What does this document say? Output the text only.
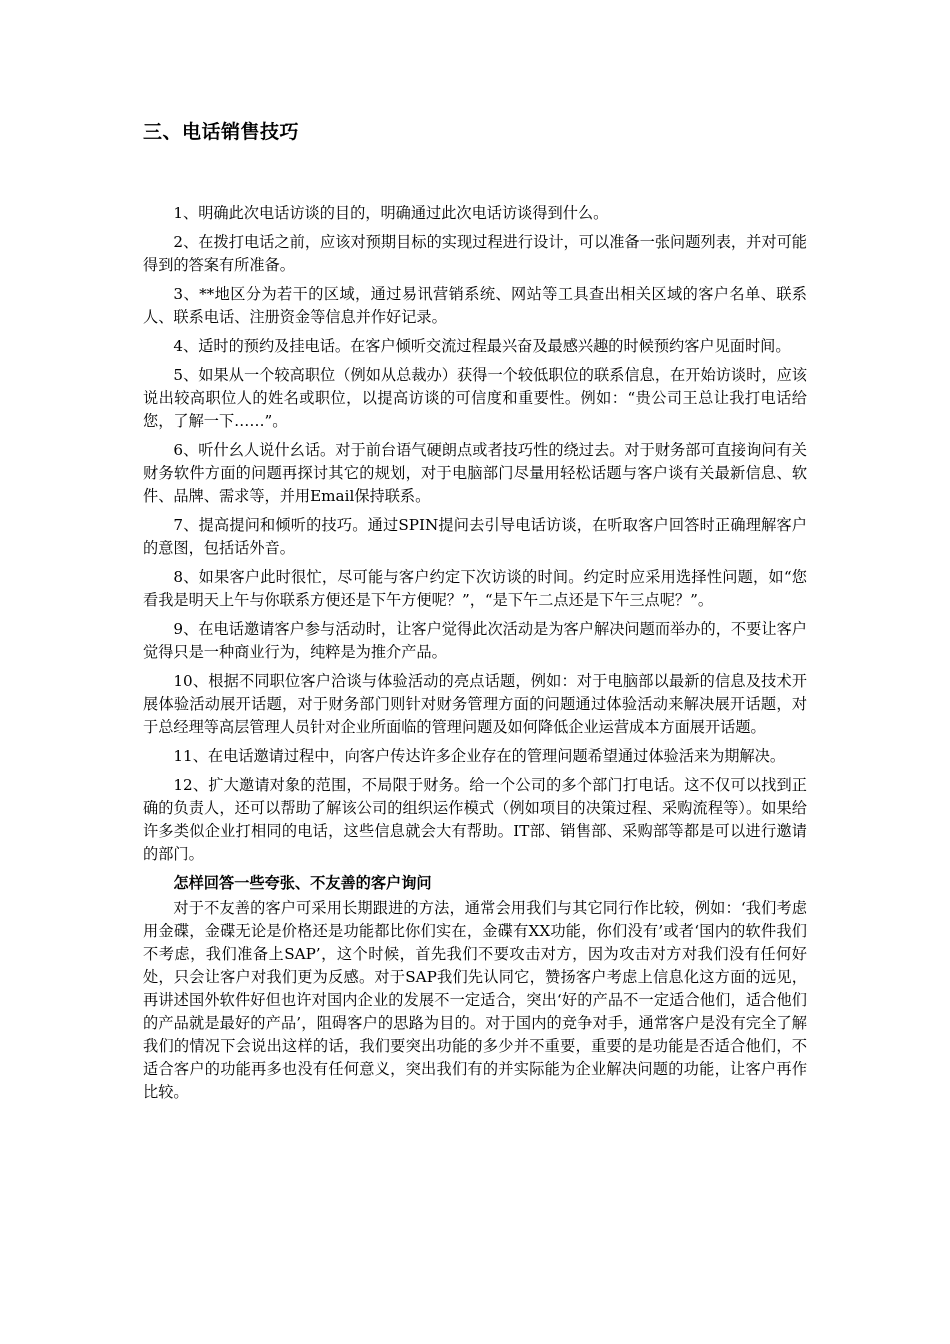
三、电话销售技巧

1、明确此次电话访谈的目的，明确通过此次电话访谈得到什么。

2、在拨打电话之前，应该对预期目标的实现过程进行设计，可以准备一张问题列表，并对可能得到的答案有所准备。

3、**地区分为若干的区域，通过易讯营销系统、网站等工具查出相关区域的客户名单、联系人、联系电话、注册资金等信息并作好记录。

4、适时的预约及挂电话。在客户倾听交流过程最兴奋及最感兴趣的时候预约客户见面时间。

5、如果从一个较高职位（例如从总裁办）获得一个较低职位的联系信息，在开始访谈时，应该说出较高职位人的姓名或职位，以提高访谈的可信度和重要性。例如：“贵公司王总让我打电话给您，了解一下……”。

6、听什幺人说什幺话。对于前台语气硬朗点或者技巧性的绕过去。对于财务部可直接询问有关财务软件方面的问题再探讨其它的规划，对于电脑部门尽量用轻松话题与客户谈有关最新信息、软件、品牌、需求等，并用Email保持联系。

7、提高提问和倾听的技巧。通过SPIN提问去引导电话访谈，在听取客户回答时正确理解客户的意图，包括话外音。

8、如果客户此时很忙，尽可能与客户约定下次访谈的时间。约定时应采用选择性问题，如“您看我是明天上午与你联系方便还是下午方便呢？”，“是下午二点还是下午三点呢？”。

9、在电话邀请客户参与活动时，让客户觉得此次活动是为客户解决问题而举办的，不要让客户觉得只是一种商业行为，纯粹是为推介产品。

10、根据不同职位客户洽谈与体验活动的亮点话题，例如：对于电脑部以最新的信息及技术开展体验活动展开话题，对于财务部门则针对财务管理方面的问题通过体验活动来解决展开话题，对于总经理等高层管理人员针对企业所面临的管理问题及如何降低企业运营成本方面展开话题。

11、在电话邀请过程中，向客户传达许多企业存在的管理问题希望通过体验活来为期解决。

12、扩大邀请对象的范围，不局限于财务。给一个公司的多个部门打电话。这不仅可以找到正确的负责人，还可以帮助了解该公司的组织运作模式（例如项目的决策过程、采购流程等）。如果给许多类似企业打相同的电话，这些信息就会大有帮助。IT部、销售部、采购部等都是可以进行邀请的部门。

怎样回答一些夸张、不友善的客户询问

对于不友善的客户可采用长期跟进的方法，通常会用我们与其它同行作比较，例如：‘我们考虑用金碟，金碟无论是价格还是功能都比你们实在，金碟有XX功能，你们没有’或者‘国内的软件我们不考虑，我们准备上SAP’，这个时候，首先我们不要攻击对方，因为攻击对方对我们没有任何好处，只会让客户对我们更为反感。对于SAP我们先认同它，赞扬客户考虑上信息化这方面的远见，再讲述国外软件好但也许对国内企业的发展不一定适合，突出‘好的产品不一定适合他们，适合他们的产品就是最好的产品’，阻碍客户的思路为目的。对于国内的竞争对手，通常客户是没有完全了解我们的情况下会说出这样的话，我们要突出功能的多少并不重要，重要的是功能是否适合他们，不适合客户的功能再多也没有任何意义，突出我们有的并实际能为企业解决问题的功能，让客户再作比较。
